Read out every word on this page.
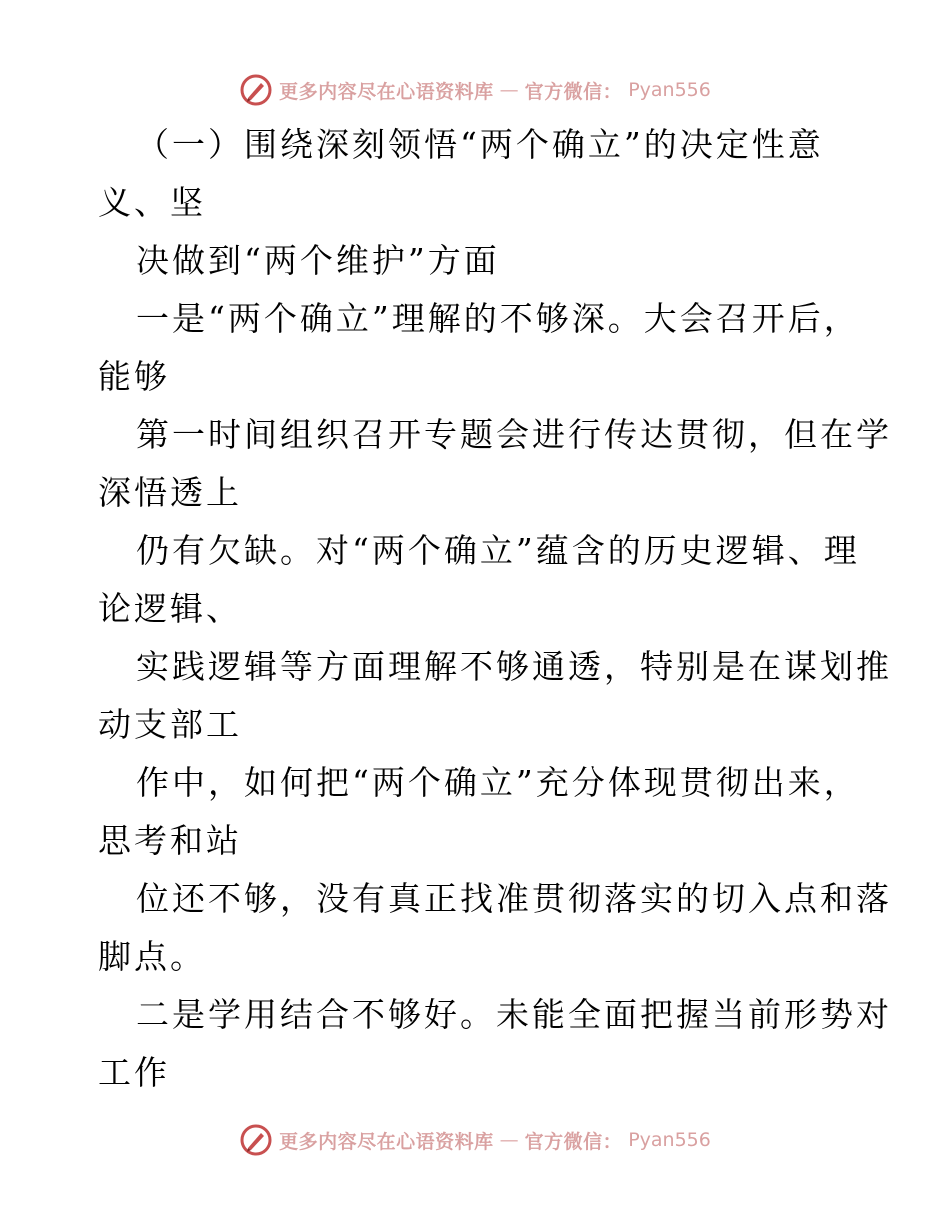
更多内容尽在心语资料库 — 官方微信： Pyan556
（一）围绕深刻领悟“两个确立”的决定性意
义、坚
决做到“两个维护”方面
一是“两个确立”理解的不够深。大会召开后，
能够
第一时间组织召开专题会进行传达贯彻，但在学
深悟透上
仍有欠缺。对“两个确立”蕴含的历史逻辑、理
论逻辑、
实践逻辑等方面理解不够通透，特别是在谋划推
动支部工
作中，如何把“两个确立”充分体现贯彻出来，
思考和站
位还不够，没有真正找准贯彻落实的切入点和落
脚点。
二是学用结合不够好。未能全面把握当前形势对
工作
更多内容尽在心语资料库 — 官方微信： Pyan556
